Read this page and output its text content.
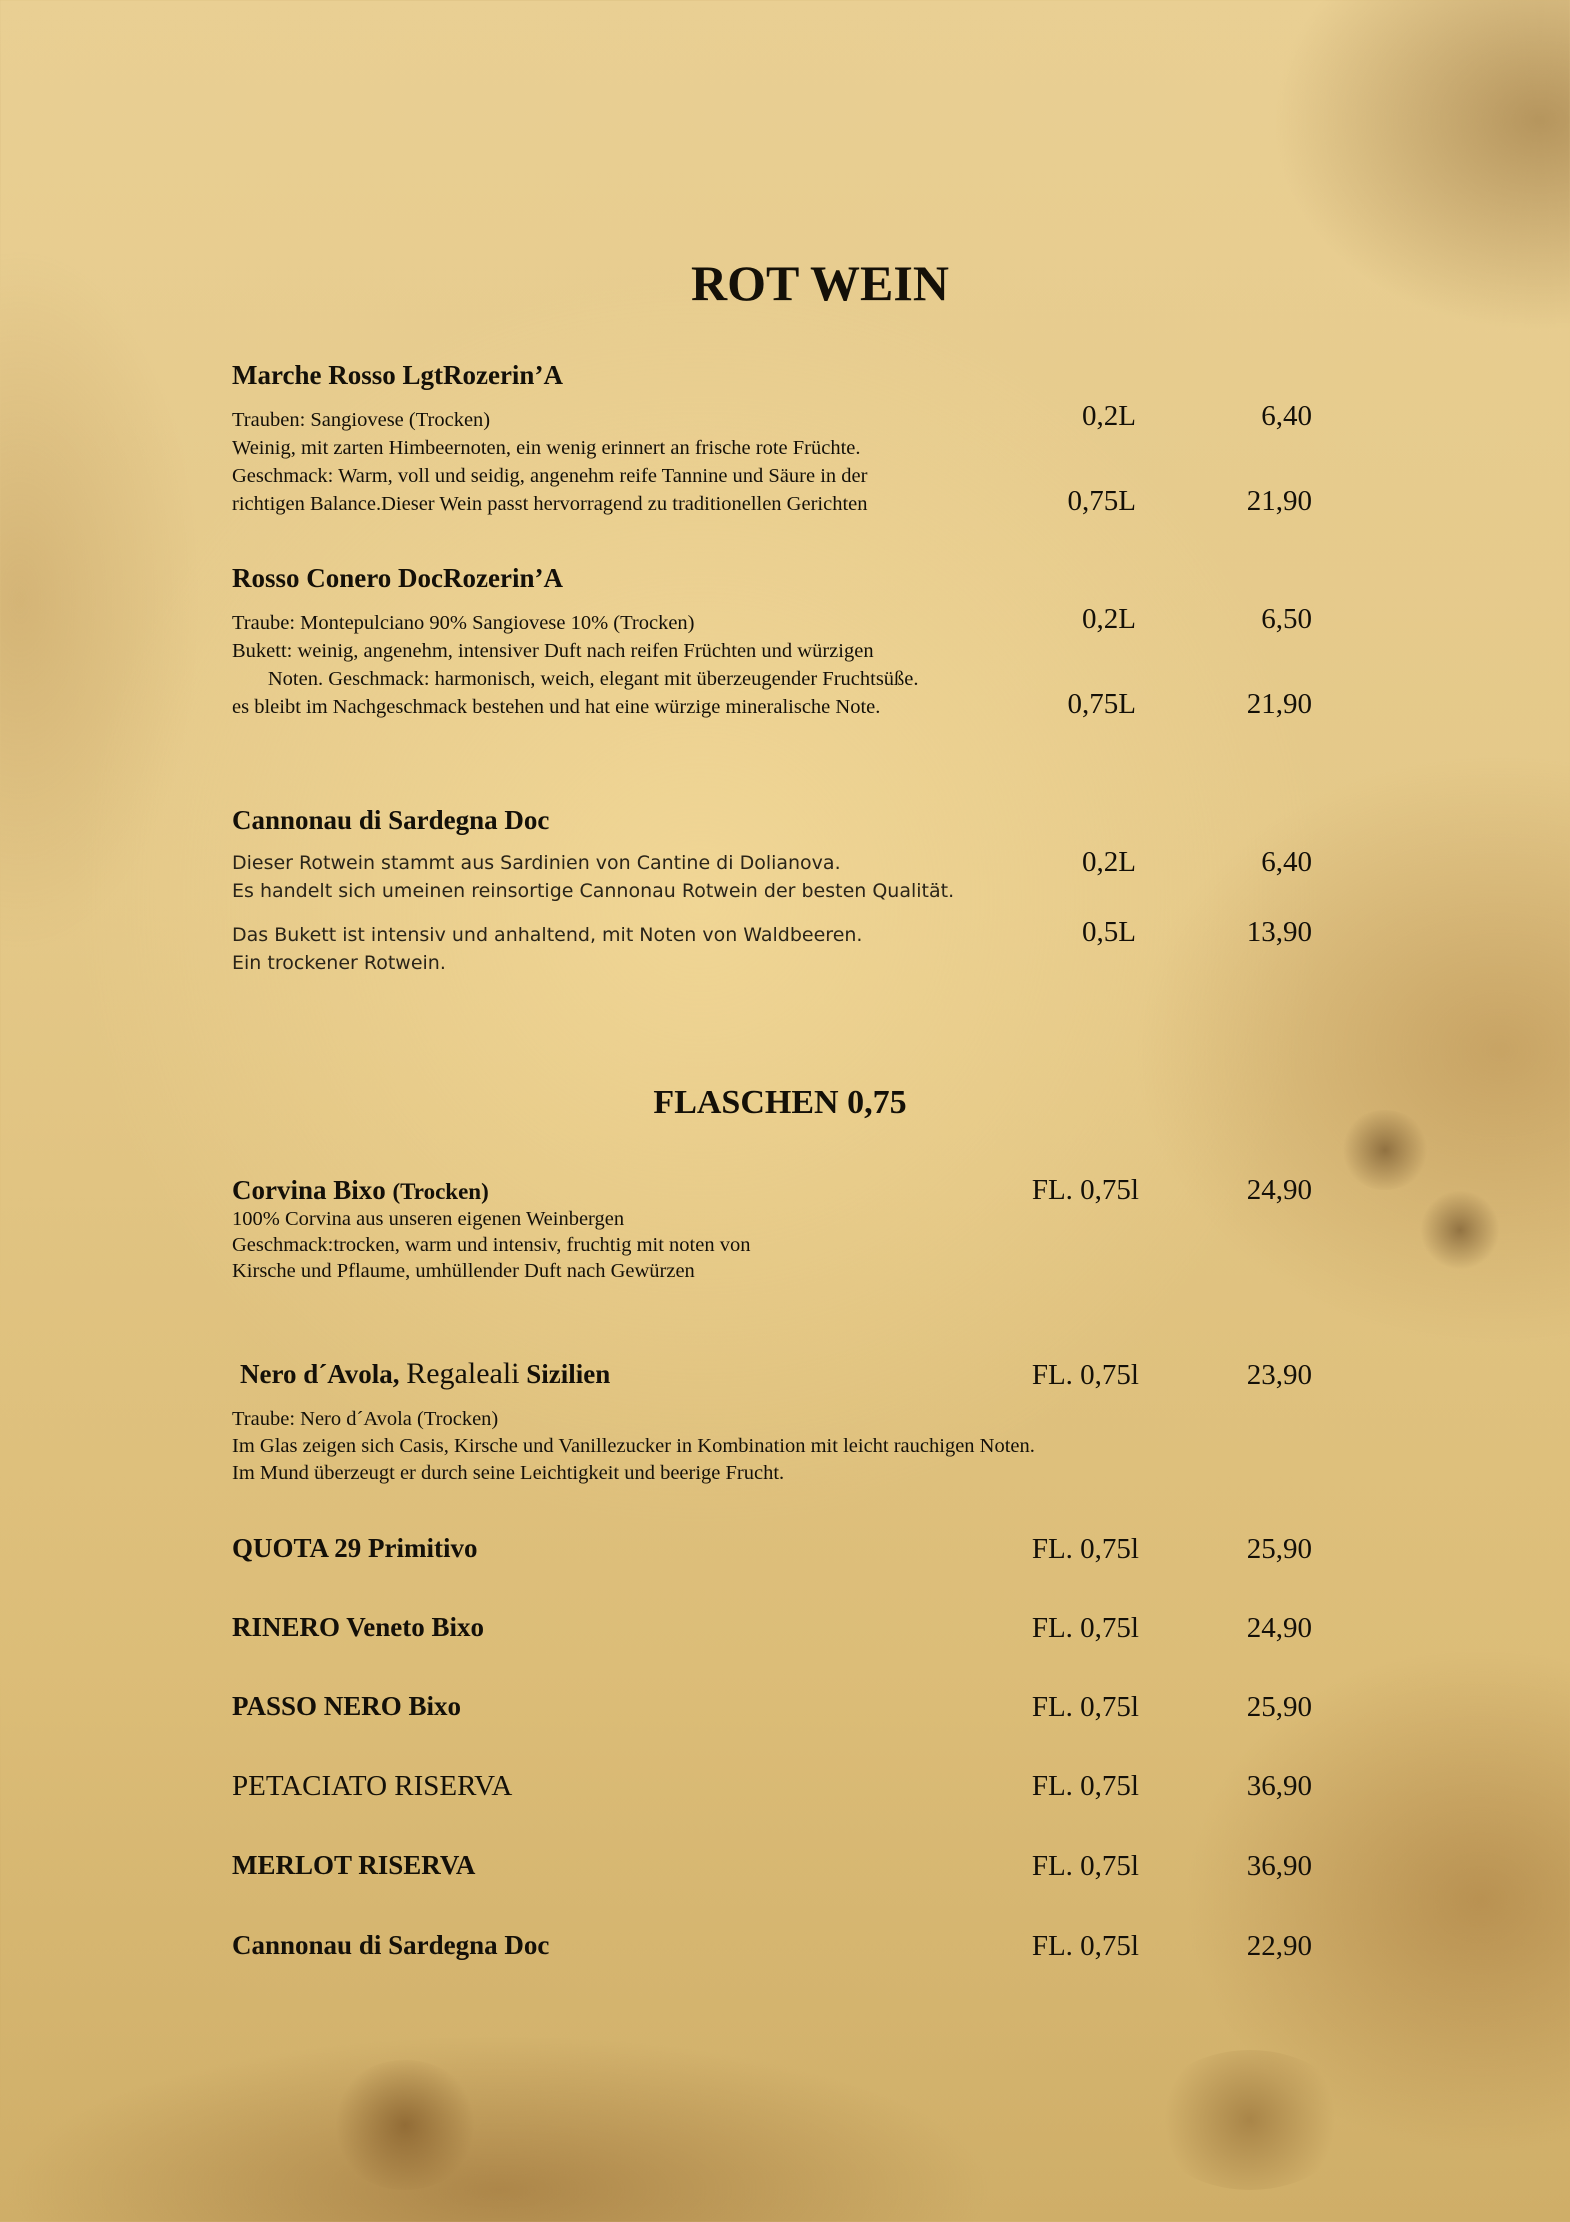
ROT WEIN
FLASCHEN 0,75
Marche Rosso LgtRozerin’A
Trauben: Sangiovese (Trocken)
Weinig, mit zarten Himbeernoten, ein wenig erinnert an frische rote Früchte.
Geschmack: Warm, voll und seidig, angenehm reife Tannine und Säure in der
richtigen Balance.Dieser Wein passt hervorragend zu traditionellen Gerichten
0,2L	6,40
0,75L	21,90
Rosso Conero DocRozerin’A
Traube: Montepulciano 90% Sangiovese 10% (Trocken)
Bukett: weinig, angenehm, intensiver Duft nach reifen Früchten und würzigen
Noten. Geschmack: harmonisch, weich, elegant mit überzeugender Fruchtsüße.
es bleibt im Nachgeschmack bestehen und hat eine würzige mineralische Note.
0,2L	6,50
0,75L	21,90
Cannonau di Sardegna Doc
Dieser Rotwein stammt aus Sardinien von Cantine di Dolianova.
Es handelt sich umeinen reinsortige Cannonau Rotwein der besten Qualität.
Das Bukett ist intensiv und anhaltend, mit Noten von Waldbeeren.
Ein trockener Rotwein.
0,2L	6,40
0,5L	13,90
Corvina Bixo (Trocken)
100% Corvina aus unseren eigenen Weinbergen
Geschmack:trocken, warm und intensiv, fruchtig mit noten von
Kirsche und Pflaume, umhüllender Duft nach Gewürzen
FL. 0,75l	24,90
Nero d´Avola, Regaleali Sizilien
Traube: Nero d´Avola (Trocken)
Im Glas zeigen sich Casis, Kirsche und Vanillezucker in Kombination mit leicht rauchigen Noten.
Im Mund überzeugt er durch seine Leichtigkeit und beerige Frucht.
FL. 0,75l	23,90
QUOTA 29 Primitivo	FL. 0,75l	25,90
RINERO Veneto Bixo	FL. 0,75l	24,90
PASSO NERO Bixo	FL. 0,75l	25,90
PETACIATO RISERVA	FL. 0,75l	36,90
MERLOT RISERVA	FL. 0,75l	36,90
Cannonau di Sardegna Doc	FL. 0,75l	22,90
